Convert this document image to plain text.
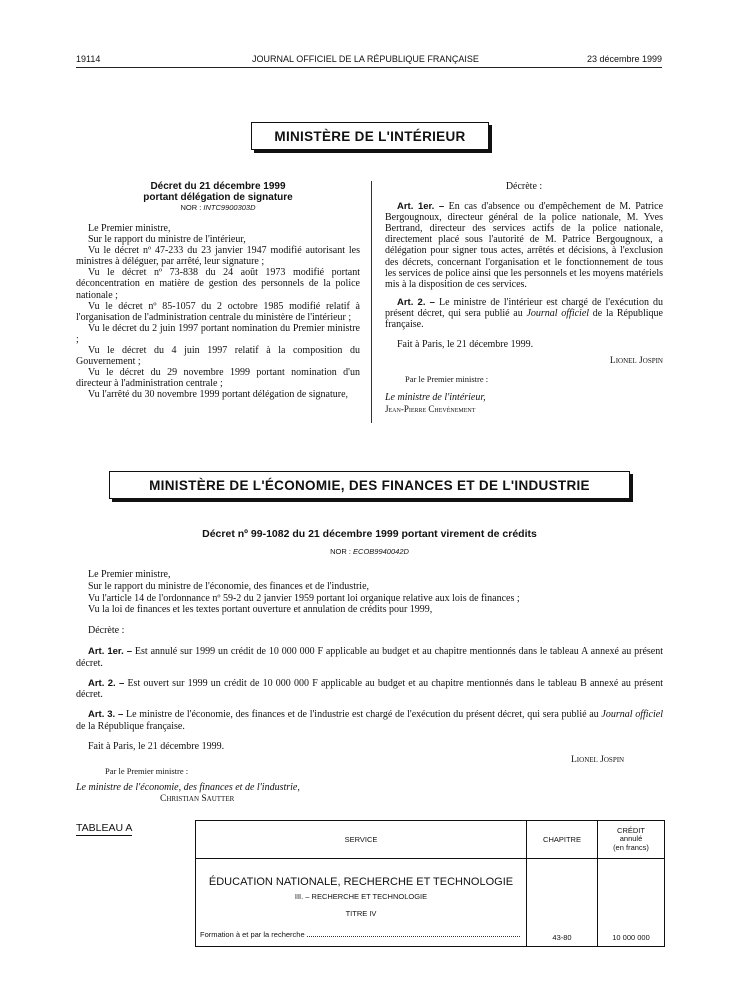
19114	JOURNAL OFFICIEL DE LA RÉPUBLIQUE FRANÇAISE	23 décembre 1999
MINISTÈRE DE L'INTÉRIEUR
Décret du 21 décembre 1999
portant délégation de signature
NOR : INTC9900303D

Le Premier ministre,

Sur le rapport du ministre de l'intérieur,

Vu le décret nº 47-233 du 23 janvier 1947 modifié autorisant les ministres à déléguer, par arrêté, leur signature ;

Vu le décret nº 73-838 du 24 août 1973 modifié portant déconcentration en matière de gestion des personnels de la police nationale ;

Vu le décret nº 85-1057 du 2 octobre 1985 modifié relatif à l'organisation de l'administration centrale du ministère de l'intérieur ;

Vu le décret du 2 juin 1997 portant nomination du Premier ministre ;

Vu le décret du 4 juin 1997 relatif à la composition du Gouvernement ;

Vu le décret du 29 novembre 1999 portant nomination d'un directeur à l'administration centrale ;

Vu l'arrêté du 30 novembre 1999 portant délégation de signature,

Décrète :

Art. 1er. – En cas d'absence ou d'empêchement de M. Patrice Bergougnoux, directeur général de la police nationale, M. Yves Bertrand, directeur des services actifs de la police nationale, directement placé sous l'autorité de M. Patrice Bergougnoux, a délégation pour signer tous actes, arrêtés et décisions, à l'exclusion des décrets, concernant l'organisation et le fonctionnement de tous les services de police ainsi que les personnels et les moyens matériels mis à la disposition de ces services.

Art. 2. – Le ministre de l'intérieur est chargé de l'exécution du présent décret, qui sera publié au Journal officiel de la République française.

Fait à Paris, le 21 décembre 1999.

Lionel Jospin
Par le Premier ministre :
Le ministre de l'intérieur,
Jean-Pierre Chevènement
MINISTÈRE DE L'ÉCONOMIE, DES FINANCES ET DE L'INDUSTRIE
Décret nº 99-1082 du 21 décembre 1999 portant virement de crédits
NOR : ECOB9940042D

Le Premier ministre,

Sur le rapport du ministre de l'économie, des finances et de l'industrie,

Vu l'article 14 de l'ordonnance nº 59-2 du 2 janvier 1959 portant loi organique relative aux lois de finances ;

Vu la loi de finances et les textes portant ouverture et annulation de crédits pour 1999,

Décrète :

Art. 1er. – Est annulé sur 1999 un crédit de 10 000 000 F applicable au budget et au chapitre mentionnés dans le tableau A annexé au présent décret.

Art. 2. – Est ouvert sur 1999 un crédit de 10 000 000 F applicable au budget et au chapitre mentionnés dans le tableau B annexé au présent décret.

Art. 3. – Le ministre de l'économie, des finances et de l'industrie est chargé de l'exécution du présent décret, qui sera publié au Journal officiel de la République française.

Fait à Paris, le 21 décembre 1999.

Lionel Jospin
Par le Premier ministre :
Le ministre de l'économie, des finances et de l'industrie,
Christian Sautter
TABLEAU A
SERVICE	CHAPITRE	CRÉDIT
annulé
(en francs)

ÉDUCATION NATIONALE, RECHERCHE ET TECHNOLOGIE
III. – RECHERCHE ET TECHNOLOGIE
TITRE IV
Formation à et par la recherche	43-80	10 000 000
